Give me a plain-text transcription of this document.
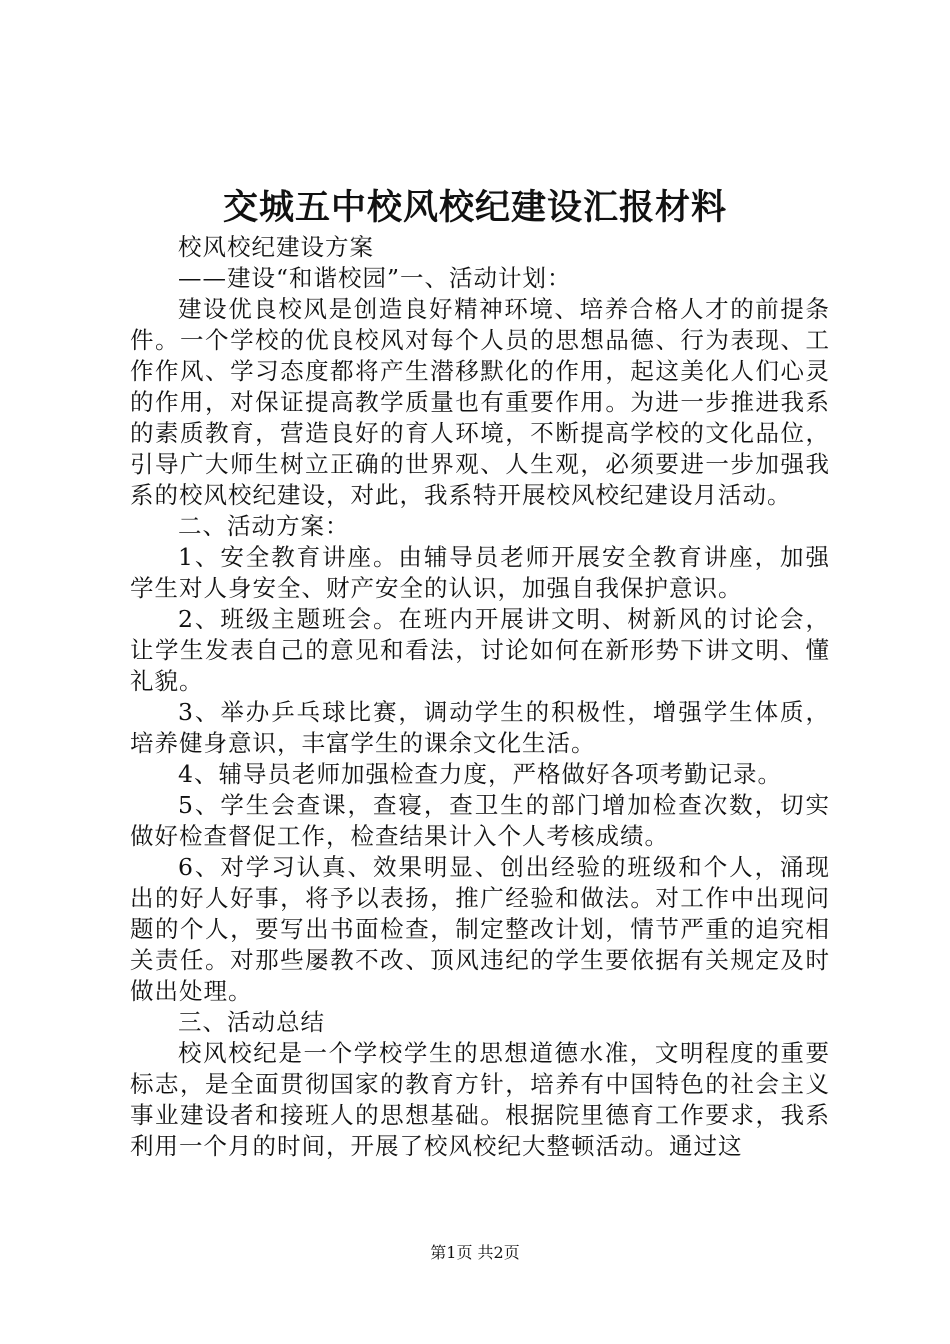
交城五中校风校纪建设汇报材料

校风校纪建设方案

——建设“和谐校园”一、活动计划：

建设优良校风是创造良好精神环境、培养合格人才的前提条件。一个学校的优良校风对每个人员的思想品德、行为表现、工作作风、学习态度都将产生潜移默化的作用，起这美化人们心灵的作用，对保证提高教学质量也有重要作用。为进一步推进我系的素质教育，营造良好的育人环境，不断提高学校的文化品位，引导广大师生树立正确的世界观、人生观，必须要进一步加强我系的校风校纪建设，对此，我系特开展校风校纪建设月活动。

二、活动方案：

1、安全教育讲座。由辅导员老师开展安全教育讲座，加强学生对人身安全、财产安全的认识，加强自我保护意识。

2、班级主题班会。在班内开展讲文明、树新风的讨论会，让学生发表自己的意见和看法，讨论如何在新形势下讲文明、懂礼貌。

3、举办乒乓球比赛，调动学生的积极性，增强学生体质，培养健身意识，丰富学生的课余文化生活。

4、辅导员老师加强检查力度，严格做好各项考勤记录。

5、学生会查课，查寝，查卫生的部门增加检查次数，切实做好检查督促工作，检查结果计入个人考核成绩。

6、对学习认真、效果明显、创出经验的班级和个人，涌现出的好人好事，将予以表扬，推广经验和做法。对工作中出现问题的个人，要写出书面检查，制定整改计划，情节严重的追究相关责任。对那些屡教不改、顶风违纪的学生要依据有关规定及时做出处理。

三、活动总结

校风校纪是一个学校学生的思想道德水准，文明程度的重要标志，是全面贯彻国家的教育方针，培养有中国特色的社会主义事业建设者和接班人的思想基础。根据院里德育工作要求，我系利用一个月的时间，开展了校风校纪大整顿活动。通过这

第1页 共2页
